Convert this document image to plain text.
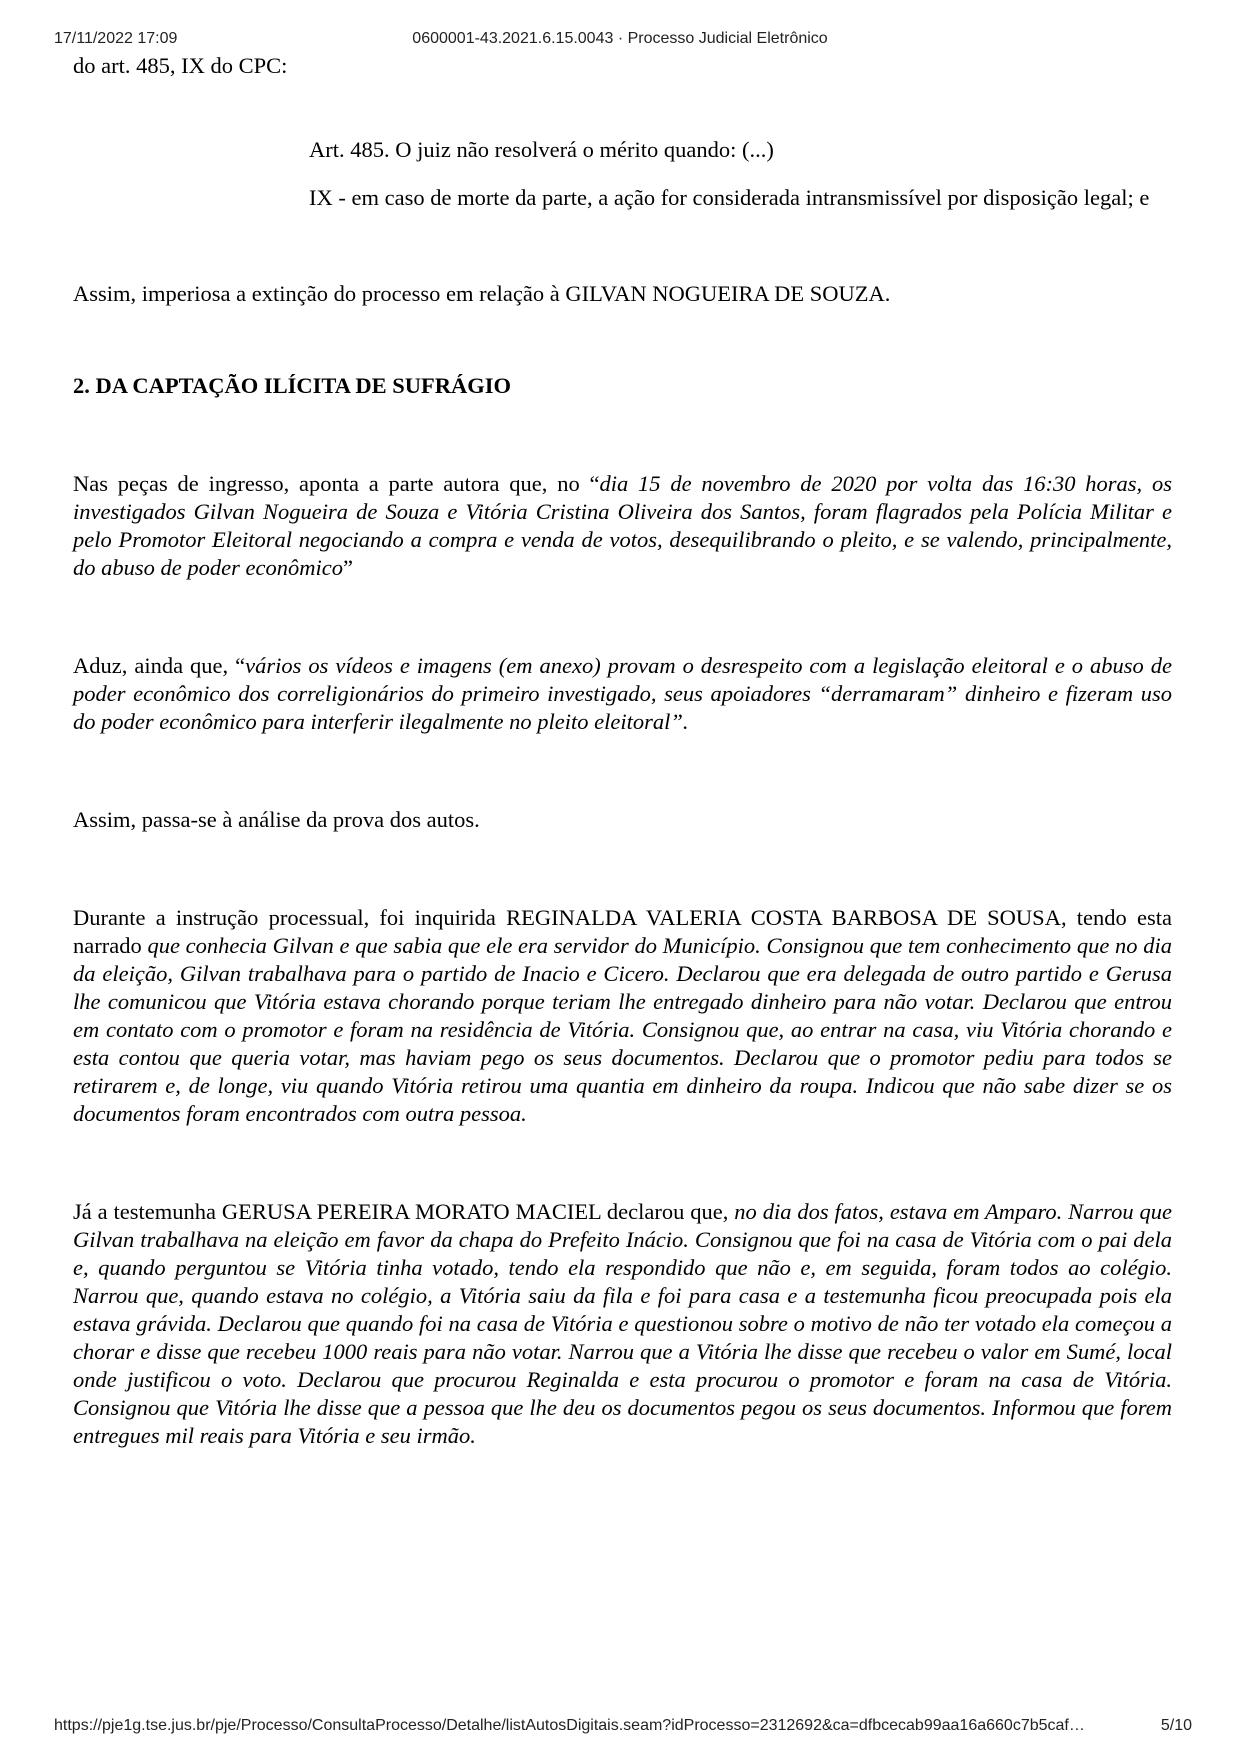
17/11/2022 17:09	0600001-43.2021.6.15.0043 · Processo Judicial Eletrônico

do art. 485, IX do CPC:

Art. 485. O juiz não resolverá o mérito quando: (...)

IX - em caso de morte da parte, a ação for considerada intransmissível por disposição legal; e

Assim, imperiosa a extinção do processo em relação à GILVAN NOGUEIRA DE SOUZA.

2. DA CAPTAÇÃO ILÍCITA DE SUFRÁGIO

Nas peças de ingresso, aponta a parte autora que, no “dia 15 de novembro de 2020 por volta das 16:30 horas, os investigados Gilvan Nogueira de Souza e Vitória Cristina Oliveira dos Santos, foram flagrados pela Polícia Militar e pelo Promotor Eleitoral negociando a compra e venda de votos, desequilibrando o pleito, e se valendo, principalmente, do abuso de poder econômico”

Aduz, ainda que, “vários os vídeos e imagens (em anexo) provam o desrespeito com a legislação eleitoral e o abuso de poder econômico dos correligionários do primeiro investigado, seus apoiadores “derramaram” dinheiro e fizeram uso do poder econômico para interferir ilegalmente no pleito eleitoral”.

Assim, passa-se à análise da prova dos autos.

Durante a instrução processual, foi inquirida REGINALDA VALERIA COSTA BARBOSA DE SOUSA, tendo esta narrado que conhecia Gilvan e que sabia que ele era servidor do Município. Consignou que tem conhecimento que no dia da eleição, Gilvan trabalhava para o partido de Inacio e Cicero. Declarou que era delegada de outro partido e Gerusa lhe comunicou que Vitória estava chorando porque teriam lhe entregado dinheiro para não votar. Declarou que entrou em contato com o promotor e foram na residência de Vitória. Consignou que, ao entrar na casa, viu Vitória chorando e esta contou que queria votar, mas haviam pego os seus documentos. Declarou que o promotor pediu para todos se retirarem e, de longe, viu quando Vitória retirou uma quantia em dinheiro da roupa. Indicou que não sabe dizer se os documentos foram encontrados com outra pessoa.

Já a testemunha GERUSA PEREIRA MORATO MACIEL declarou que, no dia dos fatos, estava em Amparo. Narrou que Gilvan trabalhava na eleição em favor da chapa do Prefeito Inácio. Consignou que foi na casa de Vitória com o pai dela e, quando perguntou se Vitória tinha votado, tendo ela respondido que não e, em seguida, foram todos ao colégio. Narrou que, quando estava no colégio, a Vitória saiu da fila e foi para casa e a testemunha ficou preocupada pois ela estava grávida. Declarou que quando foi na casa de Vitória e questionou sobre o motivo de não ter votado ela começou a chorar e disse que recebeu 1000 reais para não votar. Narrou que a Vitória lhe disse que recebeu o valor em Sumé, local onde justificou o voto. Declarou que procurou Reginalda e esta procurou o promotor e foram na casa de Vitória. Consignou que Vitória lhe disse que a pessoa que lhe deu os documentos pegou os seus documentos. Informou que forem entregues mil reais para Vitória e seu irmão.

https://pje1g.tse.jus.br/pje/Processo/ConsultaProcesso/Detalhe/listAutosDigitais.seam?idProcesso=2312692&ca=dfbcecab99aa16a660c7b5caf…	5/10
